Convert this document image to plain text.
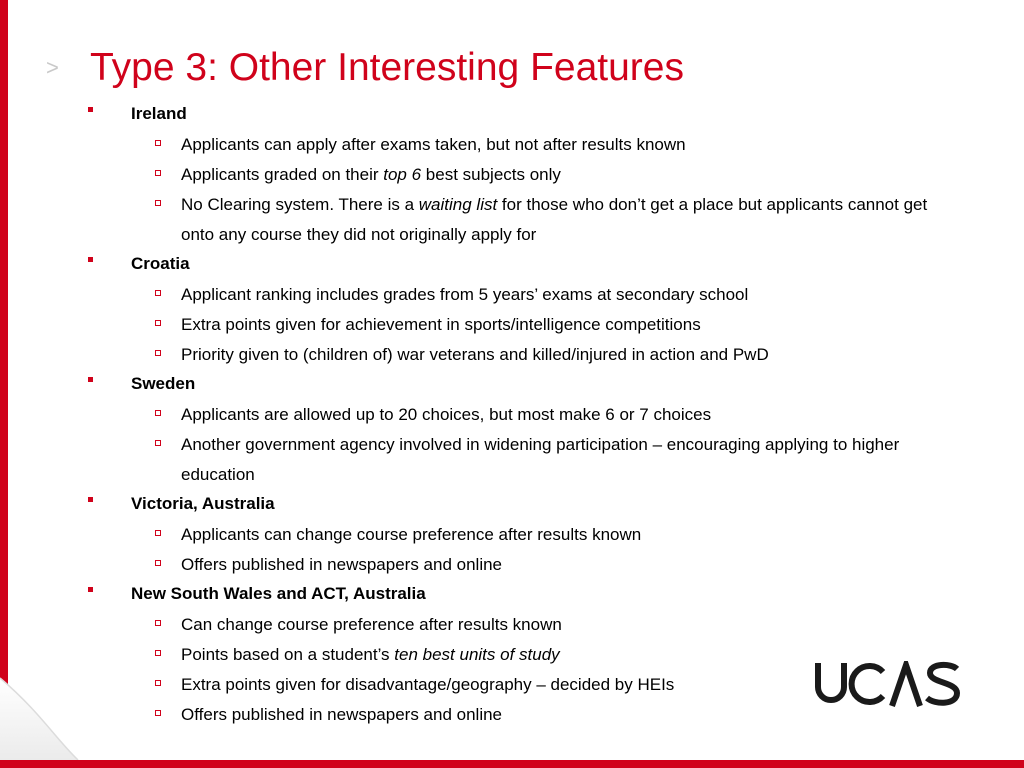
> Type 3: Other Interesting Features
Ireland
Applicants can apply after exams taken, but not after results known
Applicants graded on their top 6 best subjects only
No Clearing system. There is a waiting list for those who don’t get a place but applicants cannot get onto any course they did not originally apply for
Croatia
Applicant ranking includes grades from 5 years’ exams at secondary school
Extra points given for achievement in sports/intelligence competitions
Priority given to (children of) war veterans and killed/injured in action and PwD
Sweden
Applicants are allowed up to 20 choices, but most make 6 or 7 choices
Another government agency involved in widening participation – encouraging applying to higher education
Victoria, Australia
Applicants can change course preference after results known
Offers published in newspapers and online
New South Wales and ACT, Australia
Can change course preference after results known
Points based on a student’s ten best units of study
Extra points given for disadvantage/geography – decided by HEIs
Offers published in newspapers and online
